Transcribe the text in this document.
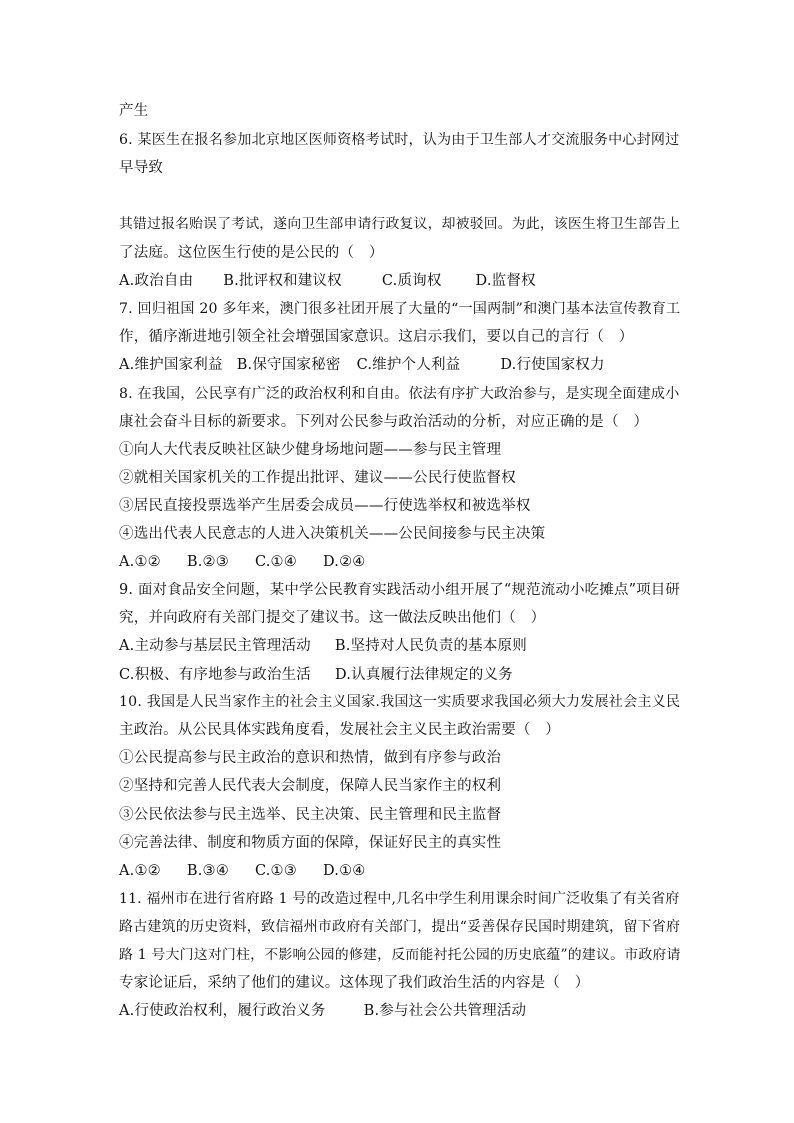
产生
6. 某医生在报名参加北京地区医师资格考试时，认为由于卫生部人才交流服务中心封网过
早导致
其错过报名贻误了考试，遂向卫生部申请行政复议，却被驳回。为此，该医生将卫生部告上
了法庭。这位医生行使的是公民的（　）
A.政治自由 B.批评权和建议权	C.质询权 D.监督权
7. 回归祖国 20 多年来，澳门很多社团开展了大量的“一国两制”和澳门基本法宣传教育工
作，循序渐进地引领全社会增强国家意识。这启示我们，要以自己的言行（　）
A.维护国家利益 B.保守国家秘密 C.维护个人利益	D.行使国家权力
8. 在我国，公民享有广泛的政治权利和自由。依法有序扩大政治参与，是实现全面建成小
康社会奋斗目标的新要求。下列对公民参与政治活动的分析，对应正确的是（　）
①向人大代表反映社区缺少健身场地问题——参与民主管理
②就相关国家机关的工作提出批评、建议——公民行使监督权
③居民直接投票选举产生居委会成员——行使选举权和被选举权
④选出代表人民意志的人进入决策机关——公民间接参与民主决策
A.①② B.②③ C.①④ D.②④
9. 面对食品安全问题，某中学公民教育实践活动小组开展了“规范流动小吃摊点”项目研
究，并向政府有关部门提交了建议书。这一做法反映出他们（　）
A.主动参与基层民主管理活动 B.坚持对人民负责的基本原则
C.积极、有序地参与政治生活 D.认真履行法律规定的义务
10. 我国是人民当家作主的社会主义国家.我国这一实质要求我国必须大力发展社会主义民
主政治。从公民具体实践角度看，发展社会主义民主政治需要（　）
①公民提高参与民主政治的意识和热情，做到有序参与政治
②坚持和完善人民代表大会制度，保障人民当家作主的权利
③公民依法参与民主选举、民主决策、民主管理和民主监督
④完善法律、制度和物质方面的保障，保证好民主的真实性
A.①② B.③④ C.①③ D.①④
11. 福州市在进行省府路 1 号的改造过程中,几名中学生利用课余时间广泛收集了有关省府
路古建筑的历史资料，致信福州市政府有关部门，提出“妥善保存民国时期建筑，留下省府
路 1 号大门这对门柱，不影响公园的修建，反而能衬托公园的历史底蕴”的建议。市政府请
专家论证后，采纳了他们的建议。这体现了我们政治生活的内容是（　）
A.行使政治权利，履行政治义务	B.参与社会公共管理活动
